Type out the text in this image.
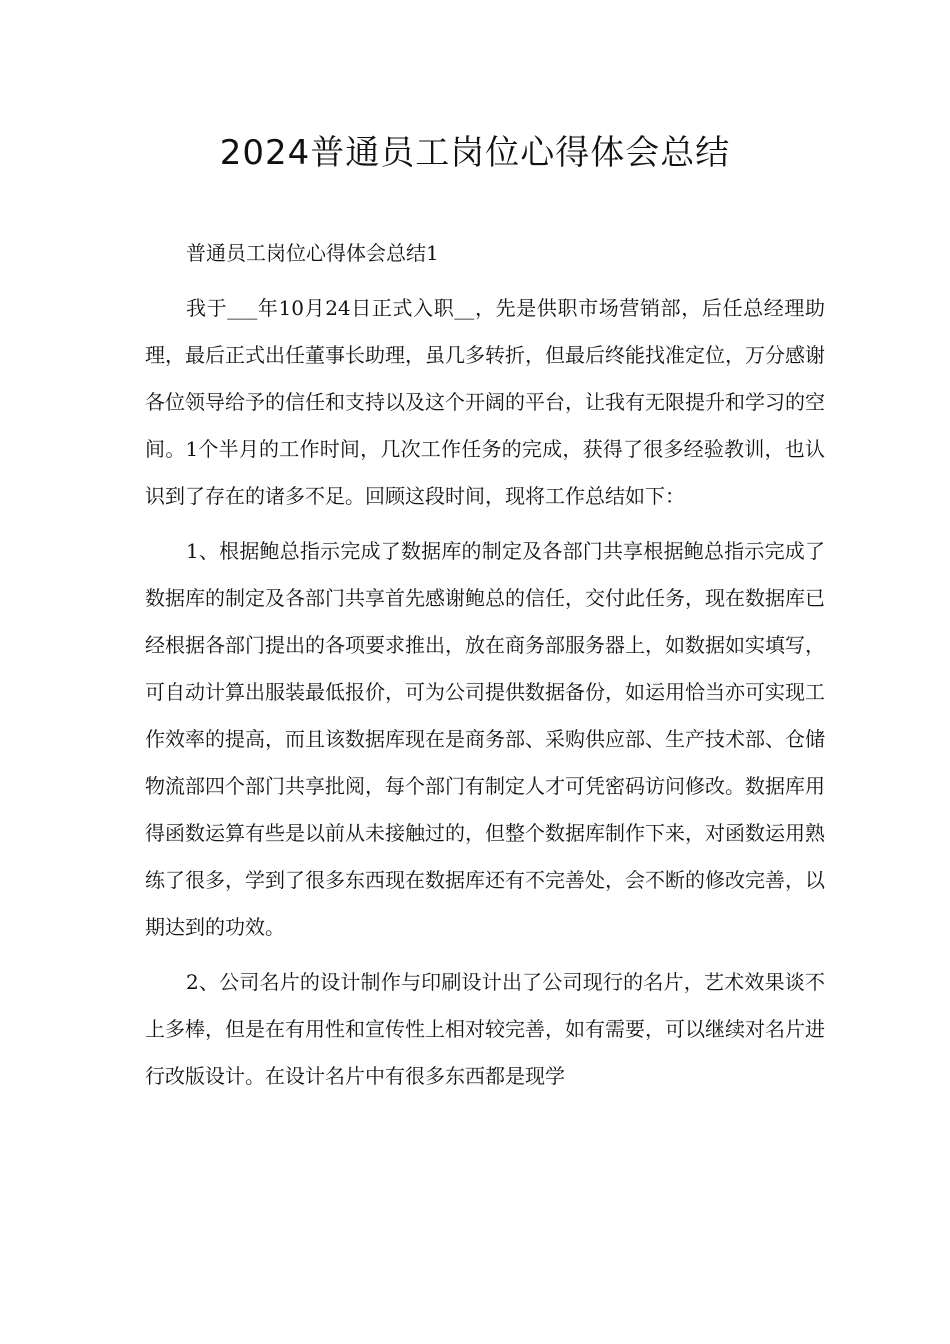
2024普通员工岗位心得体会总结

普通员工岗位心得体会总结1

我于___年10月24日正式入职__，先是供职市场营销部，后任总经理助理，最后正式出任董事长助理，虽几多转折，但最后终能找准定位，万分感谢各位领导给予的信任和支持以及这个开阔的平台，让我有无限提升和学习的空间。1个半月的工作时间，几次工作任务的完成，获得了很多经验教训，也认识到了存在的诸多不足。回顾这段时间，现将工作总结如下：

1、根据鲍总指示完成了数据库的制定及各部门共享根据鲍总指示完成了数据库的制定及各部门共享首先感谢鲍总的信任，交付此任务，现在数据库已经根据各部门提出的各项要求推出，放在商务部服务器上，如数据如实填写，可自动计算出服装最低报价，可为公司提供数据备份，如运用恰当亦可实现工作效率的提高，而且该数据库现在是商务部、采购供应部、生产技术部、仓储物流部四个部门共享批阅，每个部门有制定人才可凭密码访问修改。数据库用得函数运算有些是以前从未接触过的，但整个数据库制作下来，对函数运用熟练了很多，学到了很多东西现在数据库还有不完善处，会不断的修改完善，以期达到的功效。

2、公司名片的设计制作与印刷设计出了公司现行的名片，艺术效果谈不上多棒，但是在有用性和宣传性上相对较完善，如有需要，可以继续对名片进行改版设计。在设计名片中有很多东西都是现学
